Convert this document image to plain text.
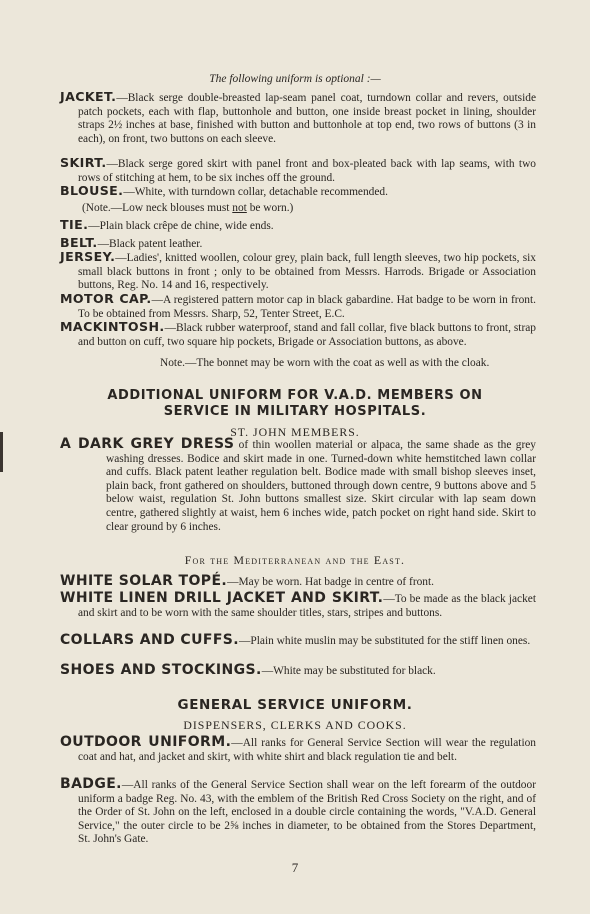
The following uniform is optional :—
JACKET.—Black serge double-breasted lap-seam panel coat, turndown collar and revers, outside patch pockets, each with flap, buttonhole and button, one inside breast pocket in lining, shoulder straps 2½ inches at base, finished with button and buttonhole at top end, two rows of buttons (3 in each), on front, two buttons on each sleeve.
SKIRT.—Black serge gored skirt with panel front and box-pleated back with lap seams, with two rows of stitching at hem, to be six inches off the ground.
BLOUSE.—White, with turndown collar, detachable recommended.
(Note.—Low neck blouses must not be worn.)
TIE.—Plain black crêpe de chine, wide ends.
BELT.—Black patent leather.
JERSEY.—Ladies', knitted woollen, colour grey, plain back, full length sleeves, two hip pockets, six small black buttons in front ; only to be obtained from Messrs. Harrods. Brigade or Association buttons, Reg. No. 14 and 16, respectively.
MOTOR CAP.—A registered pattern motor cap in black gabardine. Hat badge to be worn in front. To be obtained from Messrs. Sharp, 52, Tenter Street, E.C.
MACKINTOSH.—Black rubber waterproof, stand and fall collar, five black buttons to front, strap and button on cuff, two square hip pockets, Brigade or Association buttons, as above.
Note.—The bonnet may be worn with the coat as well as with the cloak.
ADDITIONAL UNIFORM FOR V.A.D. MEMBERS ON
SERVICE IN MILITARY HOSPITALS.
ST. JOHN MEMBERS.
A DARK GREY DRESS of thin woollen material or alpaca, the same shade as the grey washing dresses. Bodice and skirt made in one. Turned-down white hemstitched lawn collar and cuffs. Black patent leather regulation belt. Bodice made with small bishop sleeves inset, plain back, front gathered on shoulders, buttoned through down centre, 9 buttons above and 5 below waist, regulation St. John buttons smallest size. Skirt circular with lap seam down centre, gathered slightly at waist, hem 6 inches wide, patch pocket on right hand side. Skirt to clear ground by 6 inches.
For the Mediterranean and the East.
WHITE SOLAR TOPÉ.—May be worn. Hat badge in centre of front.
WHITE LINEN DRILL JACKET AND SKIRT.—To be made as the black jacket and skirt and to be worn with the same shoulder titles, stars, stripes and buttons.
COLLARS AND CUFFS.—Plain white muslin may be substituted for the stiff linen ones.
SHOES AND STOCKINGS.—White may be substituted for black.
GENERAL SERVICE UNIFORM.
DISPENSERS, CLERKS AND COOKS.
OUTDOOR UNIFORM.—All ranks for General Service Section will wear the regulation coat and hat, and jacket and skirt, with white shirt and black regulation tie and belt.
BADGE.—All ranks of the General Service Section shall wear on the left forearm of the outdoor uniform a badge Reg. No. 43, with the emblem of the British Red Cross Society on the right, and of the Order of St. John on the left, enclosed in a double circle containing the words, "V.A.D. General Service," the outer circle to be 2⅝ inches in diameter, to be obtained from the Stores Department, St. John's Gate.
7
